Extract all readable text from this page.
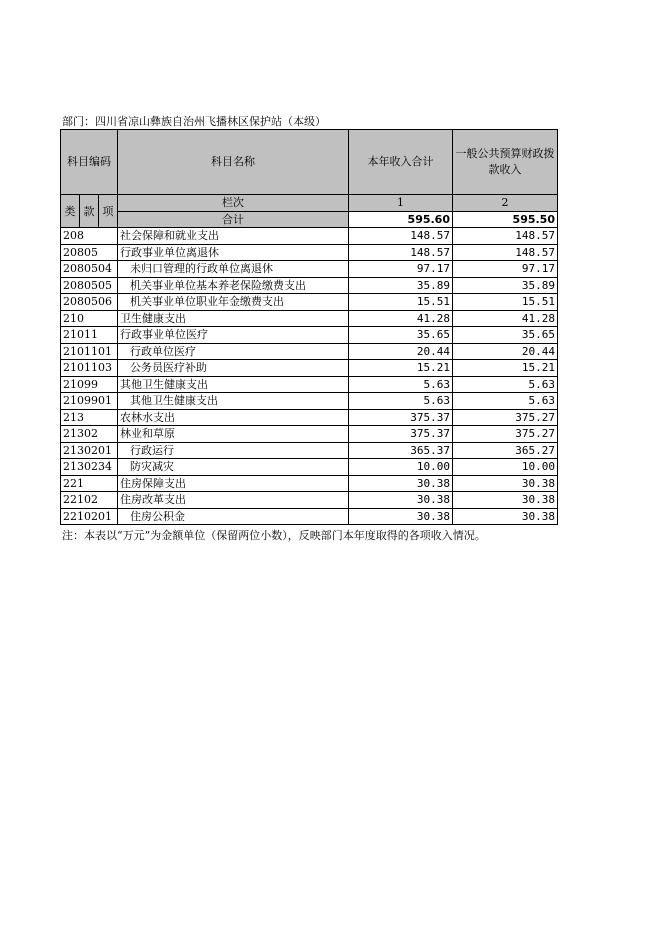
部门：四川省凉山彝族自治州飞播林区保护站（本级）
科目编码			科目名称	本年收入合计	一般公共预算财政拨款收入
类	款	项	栏次	1	2
			合计	595.60	595.50
208			社会保障和就业支出	148.57	148.57
20805			行政事业单位离退休	148.57	148.57
2080504			未归口管理的行政单位离退休	97.17	97.17
2080505			机关事业单位基本养老保险缴费支出	35.89	35.89
2080506			机关事业单位职业年金缴费支出	15.51	15.51
210			卫生健康支出	41.28	41.28
21011			行政事业单位医疗	35.65	35.65
2101101			行政单位医疗	20.44	20.44
2101103			公务员医疗补助	15.21	15.21
21099			其他卫生健康支出	5.63	5.63
2109901			其他卫生健康支出	5.63	5.63
213			农林水支出	375.37	375.27
21302			林业和草原	375.37	375.27
2130201			行政运行	365.37	365.27
2130234			防灾减灾	10.00	10.00
221			住房保障支出	30.38	30.38
22102			住房改革支出	30.38	30.38
2210201			住房公积金	30.38	30.38
注：本表以“万元”为金额单位（保留两位小数），反映部门本年度取得的各项收入情况。
